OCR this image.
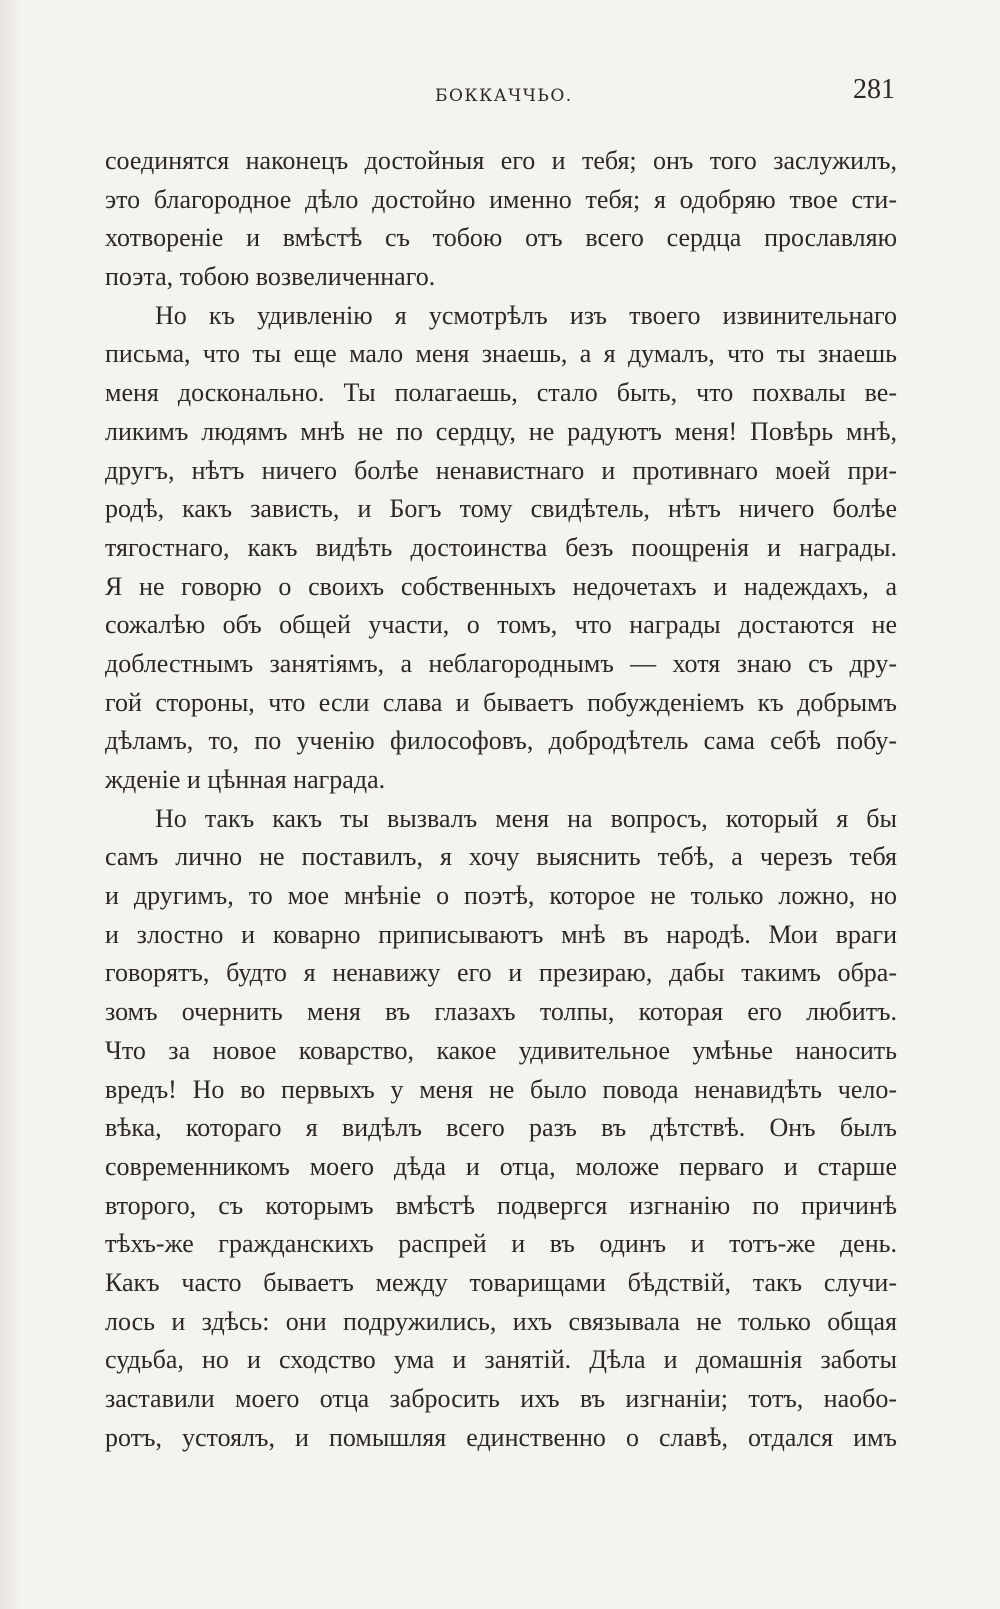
БОККАЧЧЬО.	281
соединятся наконецъ достойныя его и тебя; онъ того заслужилъ,
это благородное дѣло достойно именно тебя; я одобряю твое сти-
хотвореніе и вмѣстѣ съ тобою отъ всего сердца прославляю
поэта, тобою возвеличеннаго.
Но къ удивленію я усмотрѣлъ изъ твоего извинительнаго
письма, что ты еще мало меня знаешь, а я думалъ, что ты знаешь
меня досконально. Ты полагаешь, стало быть, что похвалы ве-
ликимъ людямъ мнѣ не по сердцу, не радуютъ меня! Повѣрь мнѣ,
другъ, нѣтъ ничего болѣе ненавистнаго и противнаго моей при-
родѣ, какъ зависть, и Богъ тому свидѣтель, нѣтъ ничего болѣе
тягостнаго, какъ видѣть достоинства безъ поощренія и награды.
Я не говорю о своихъ собственныхъ недочетахъ и надеждахъ, а
сожалѣю объ общей участи, о томъ, что награды достаются не
доблестнымъ занятіямъ, а неблагороднымъ — хотя знаю съ дру-
гой стороны, что если слава и бываетъ побужденіемъ къ добрымъ
дѣламъ, то, по ученію философовъ, добродѣтель сама себѣ побу-
жденіе и цѣнная награда.
Но такъ какъ ты вызвалъ меня на вопросъ, который я бы
самъ лично не поставилъ, я хочу выяснить тебѣ, а черезъ тебя
и другимъ, то мое мнѣніе о поэтѣ, которое не только ложно, но
и злостно и коварно приписываютъ мнѣ въ народѣ. Мои враги
говорятъ, будто я ненавижу его и презираю, дабы такимъ обра-
зомъ очернить меня въ глазахъ толпы, которая его любитъ.
Что за новое коварство, какое удивительное умѣнье наносить
вредъ! Но во первыхъ у меня не было повода ненавидѣть чело-
вѣка, котораго я видѣлъ всего разъ въ дѣтствѣ. Онъ былъ
современникомъ моего дѣда и отца, моложе перваго и старше
второго, съ которымъ вмѣстѣ подвергся изгнанію по причинѣ
тѣхъ-же гражданскихъ распрей и въ одинъ и тотъ-же день.
Какъ часто бываетъ между товарищами бѣдствій, такъ случи-
лось и здѣсь: они подружились, ихъ связывала не только общая
судьба, но и сходство ума и занятій. Дѣла и домашнія заботы
заставили моего отца забросить ихъ въ изгнаніи; тотъ, наобо-
ротъ, устоялъ, и помышляя единственно о славѣ, отдался имъ
